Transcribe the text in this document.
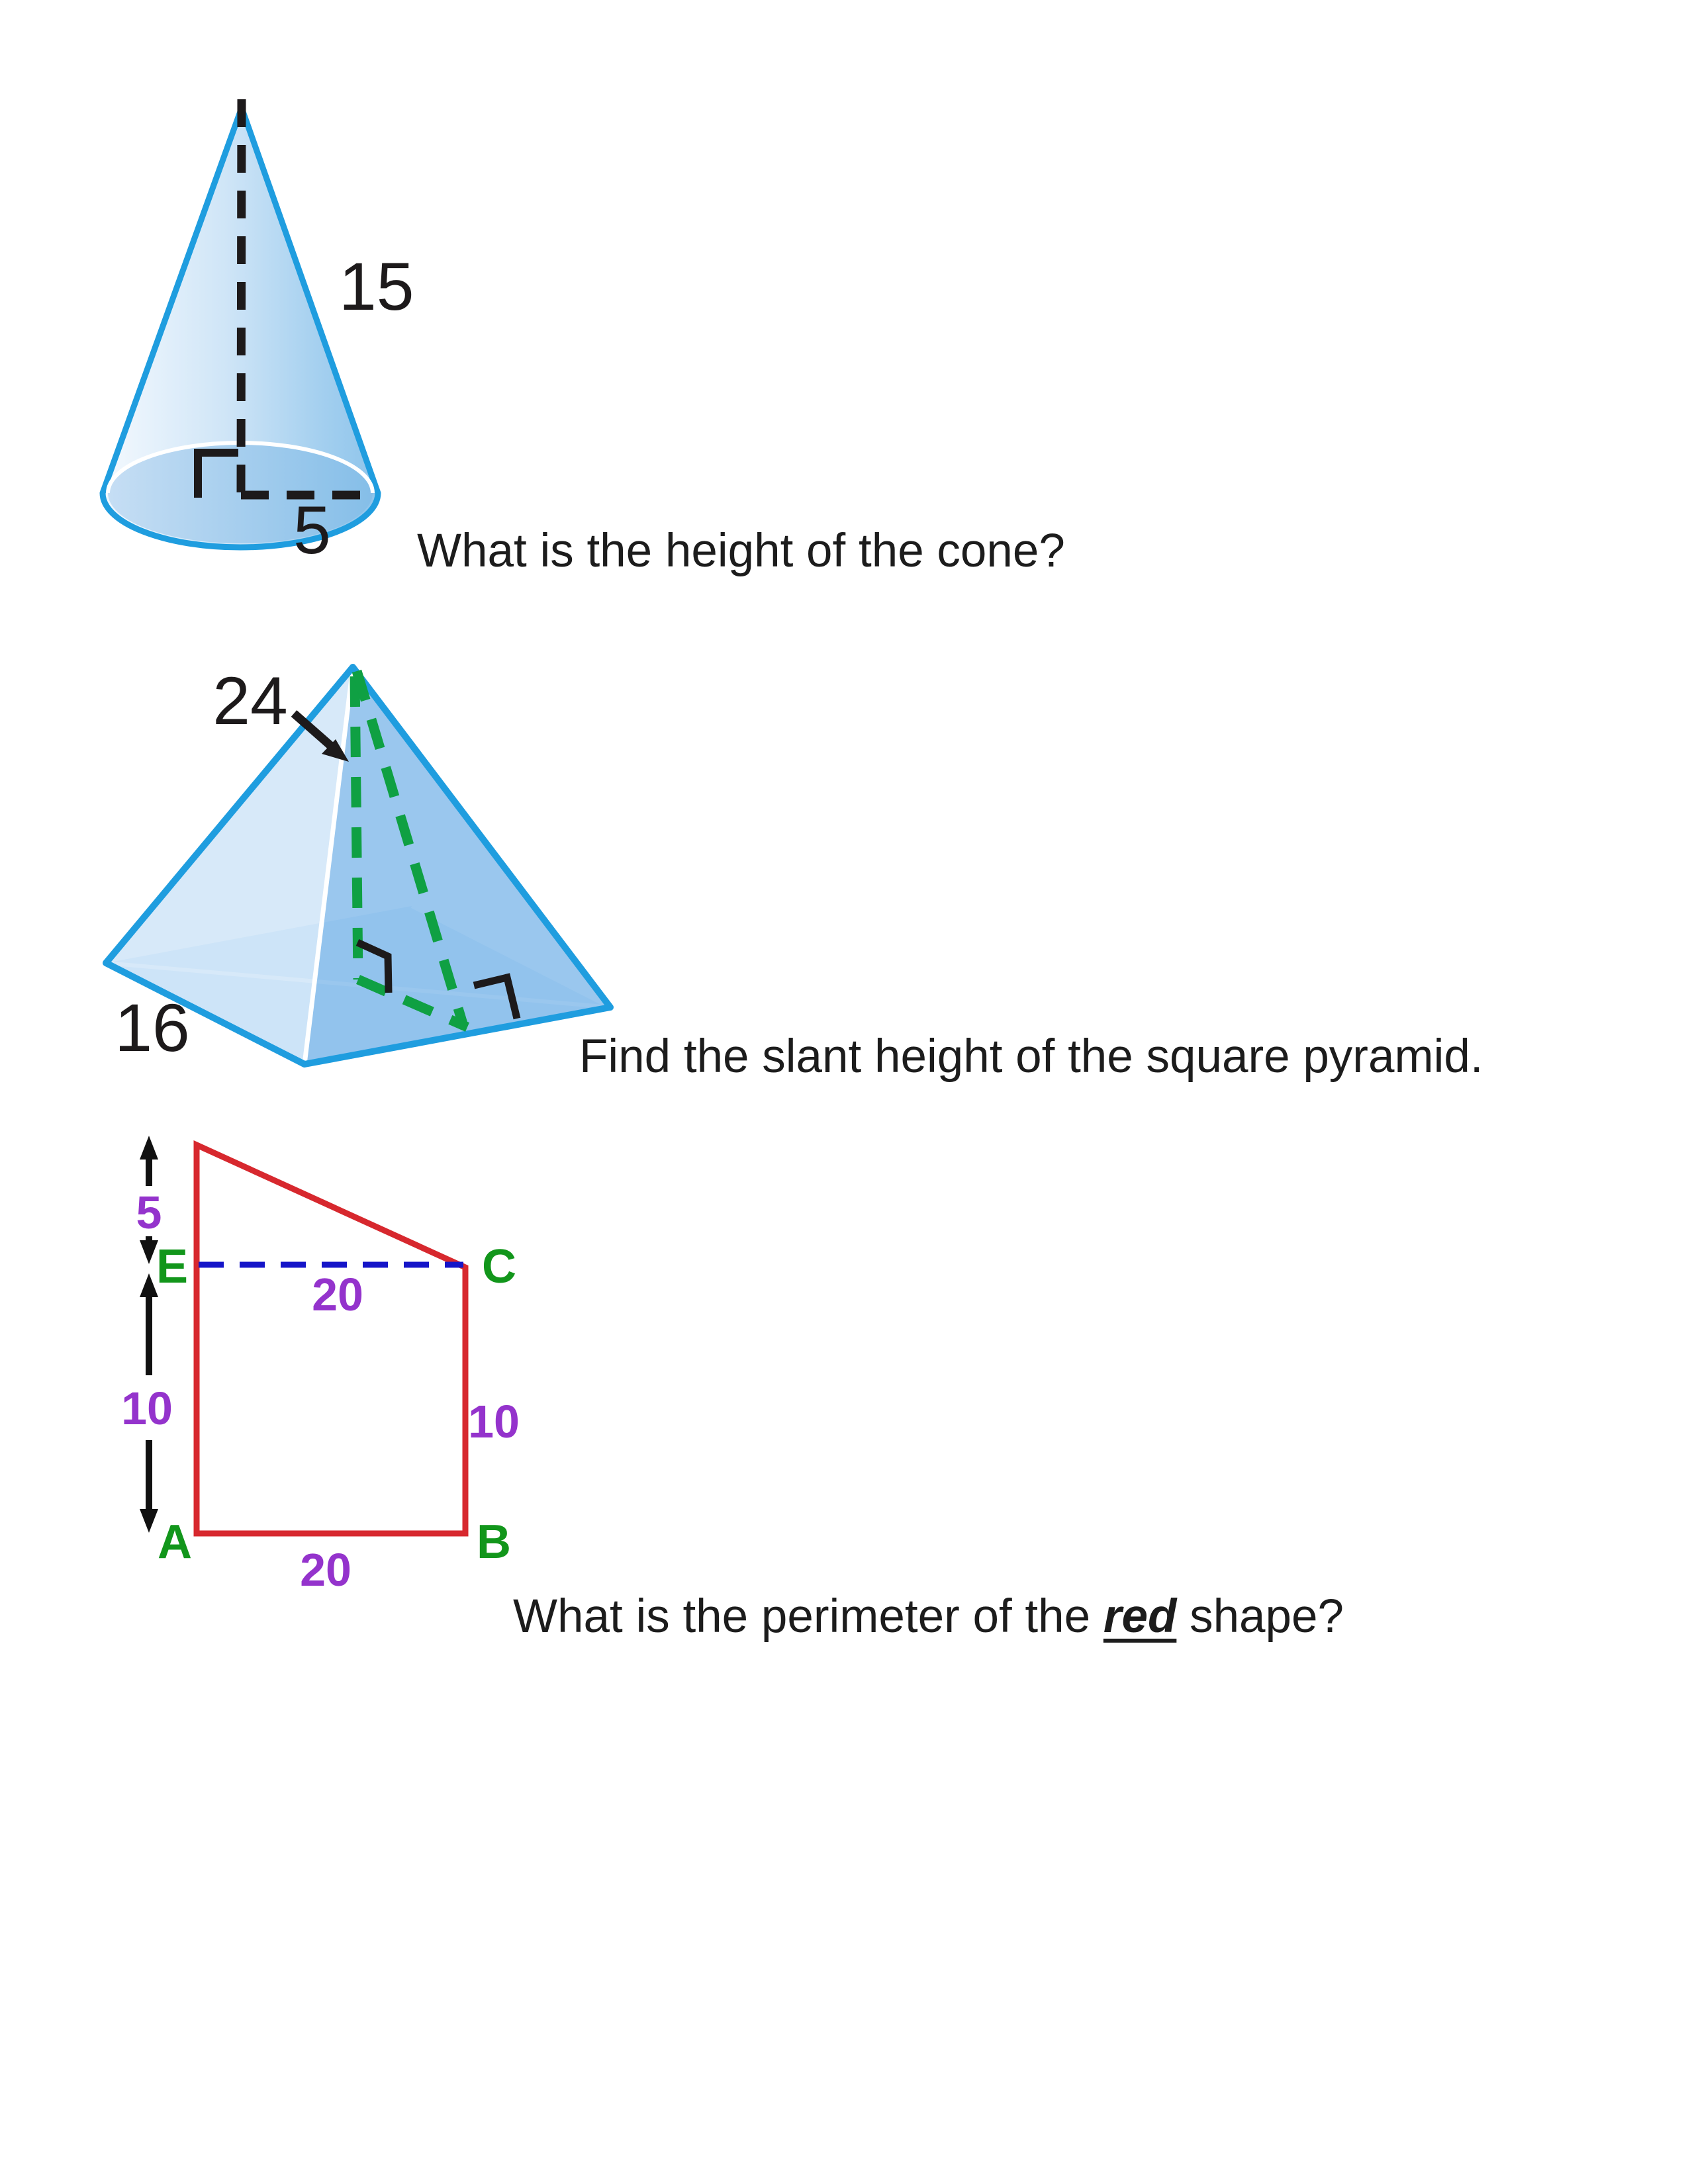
15
5 What is the height of the cone?
24
16	Find the slant height of the square pyramid.
5
10	10
20
20
E	C
A	B
What is the perimeter of the red shape?
